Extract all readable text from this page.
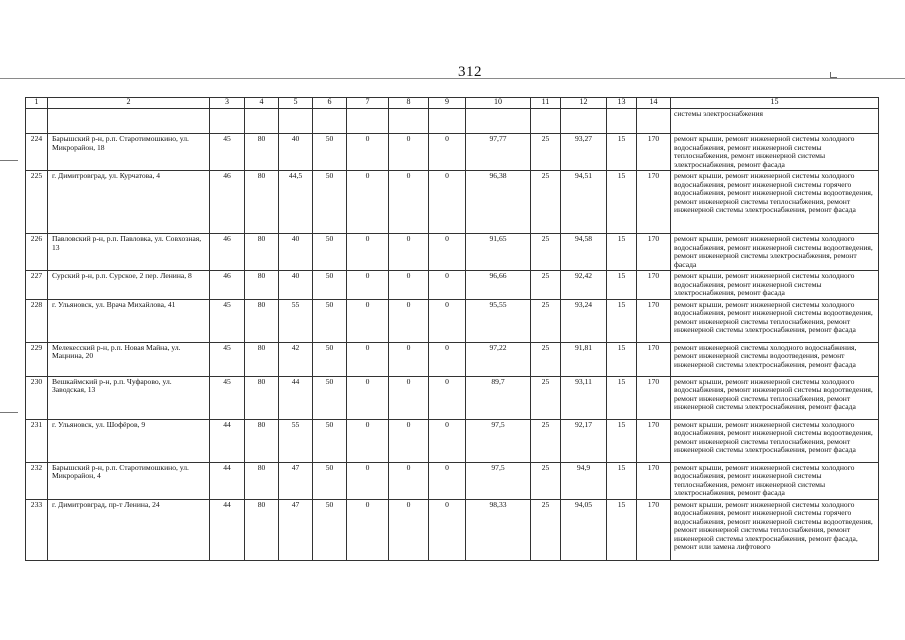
312
1	2	3	4	5	6	7	8	9	10	11	12	13	14	15
														системы электроснабжения
224	Барышский р-н, р.п. Старотимошкино, ул. Микрорайон, 18	45	80	40	50	0	0	0	97,77	25	93,27	15	170	ремонт крыши, ремонт инженерной системы холодного водоснабжения, ремонт инженерной системы теплоснабжения, ремонт инженерной системы электроснабжения, ремонт фасада
225	г. Димитровград, ул. Курчатова, 4	46	80	44,5	50	0	0	0	96,38	25	94,51	15	170	ремонт крыши, ремонт инженерной системы холодного водоснабжения, ремонт инженерной системы горячего водоснабжения, ремонт инженерной системы водоотведения, ремонт инженерной системы теплоснабжения, ремонт инженерной системы электроснабжения, ремонт фасада
226	Павловский р-н, р.п. Павловка, ул. Совхозная, 13	46	80	40	50	0	0	0	91,65	25	94,58	15	170	ремонт крыши, ремонт инженерной системы холодного водоснабжения, ремонт инженерной системы водоотведения, ремонт инженерной системы электроснабжения, ремонт фасада
227	Сурский р-н, р.п. Сурское, 2 пер. Ленина, 8	46	80	40	50	0	0	0	96,66	25	92,42	15	170	ремонт крыши, ремонт инженерной системы холодного водоснабжения, ремонт инженерной системы электроснабжения, ремонт фасада
228	г. Ульяновск, ул. Врача Михайлова, 41	45	80	55	50	0	0	0	95,55	25	93,24	15	170	ремонт крыши, ремонт инженерной системы холодного водоснабжения, ремонт инженерной системы водоотведения, ремонт инженерной системы теплоснабжения, ремонт инженерной системы электроснабжения, ремонт фасада
229	Мелекесский р-н, р.п. Новая Майна, ул. Мацнина, 20	45	80	42	50	0	0	0	97,22	25	91,81	15	170	ремонт инженерной системы холодного водоснабжения, ремонт инженерной системы водоотведения, ремонт инженерной системы электроснабжения, ремонт фасада
230	Вешкаймский р-н, р.п. Чуфарово, ул. Заводская, 13	45	80	44	50	0	0	0	89,7	25	93,11	15	170	ремонт крыши, ремонт инженерной системы холодного водоснабжения, ремонт инженерной системы водоотведения, ремонт инженерной системы теплоснабжения, ремонт инженерной системы электроснабжения, ремонт фасада
231	г. Ульяновск, ул. Шофёров, 9	44	80	55	50	0	0	0	97,5	25	92,17	15	170	ремонт крыши, ремонт инженерной системы холодного водоснабжения, ремонт инженерной системы водоотведения, ремонт инженерной системы теплоснабжения, ремонт инженерной системы электроснабжения, ремонт фасада
232	Барышский р-н, р.п. Старотимошкино, ул. Микрорайон, 4	44	80	47	50	0	0	0	97,5	25	94,9	15	170	ремонт крыши, ремонт инженерной системы холодного водоснабжения, ремонт инженерной системы теплоснабжения, ремонт инженерной системы электроснабжения, ремонт фасада
233	г. Димитровград, пр-т Ленина, 24	44	80	47	50	0	0	0	98,33	25	94,05	15	170	ремонт крыши, ремонт инженерной системы холодного водоснабжения, ремонт инженерной системы горячего водоснабжения, ремонт инженерной системы водоотведения, ремонт инженерной системы теплоснабжения, ремонт инженерной системы электроснабжения, ремонт фасада, ремонт или замена лифтового
